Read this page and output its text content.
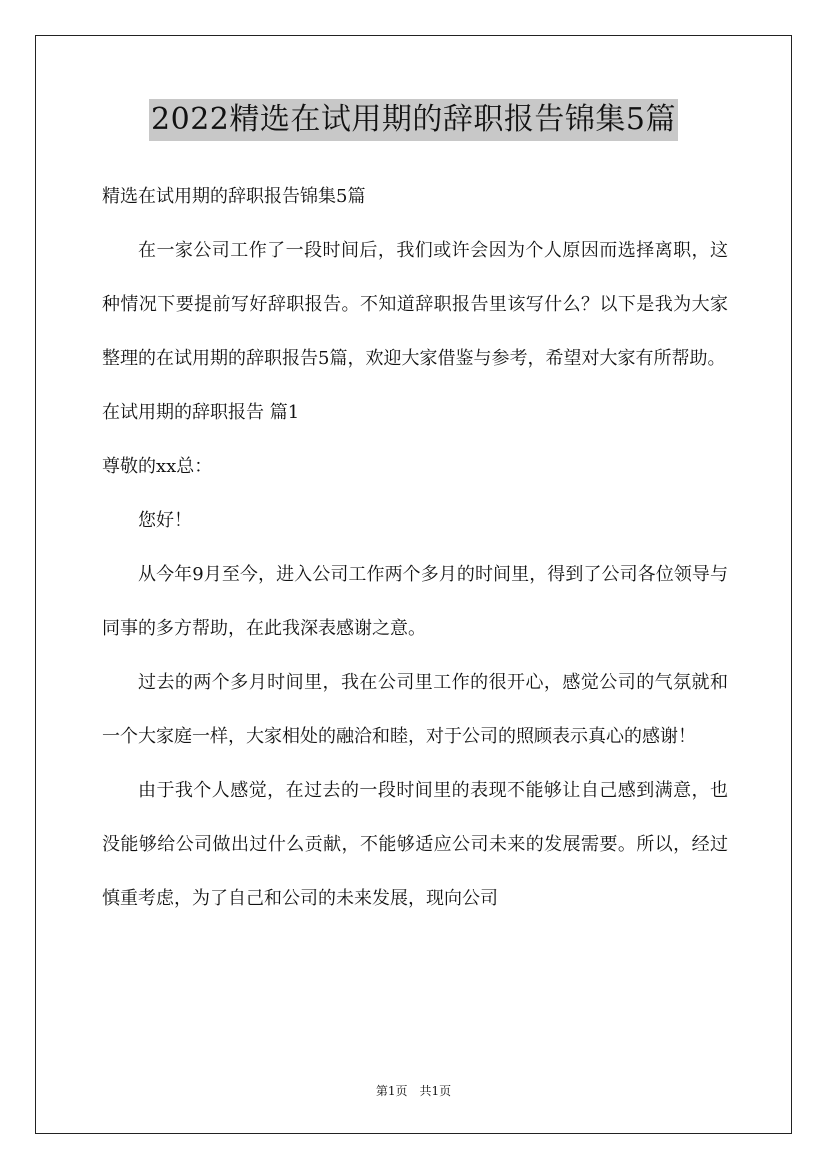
2022精选在试用期的辞职报告锦集5篇

精选在试用期的辞职报告锦集5篇

在一家公司工作了一段时间后，我们或许会因为个人原因而选择离职，这种情况下要提前写好辞职报告。不知道辞职报告里该写什么？以下是我为大家整理的在试用期的辞职报告5篇，欢迎大家借鉴与参考，希望对大家有所帮助。

在试用期的辞职报告 篇1

尊敬的xx总：

您好！

从今年9月至今，进入公司工作两个多月的时间里，得到了公司各位领导与同事的多方帮助，在此我深表感谢之意。

过去的两个多月时间里，我在公司里工作的很开心，感觉公司的气氛就和一个大家庭一样，大家相处的融洽和睦，对于公司的照顾表示真心的感谢！

由于我个人感觉，在过去的一段时间里的表现不能够让自己感到满意，也没能够给公司做出过什么贡献，不能够适应公司未来的发展需要。所以，经过慎重考虑，为了自己和公司的未来发展，现向公司

第1页　共1页
